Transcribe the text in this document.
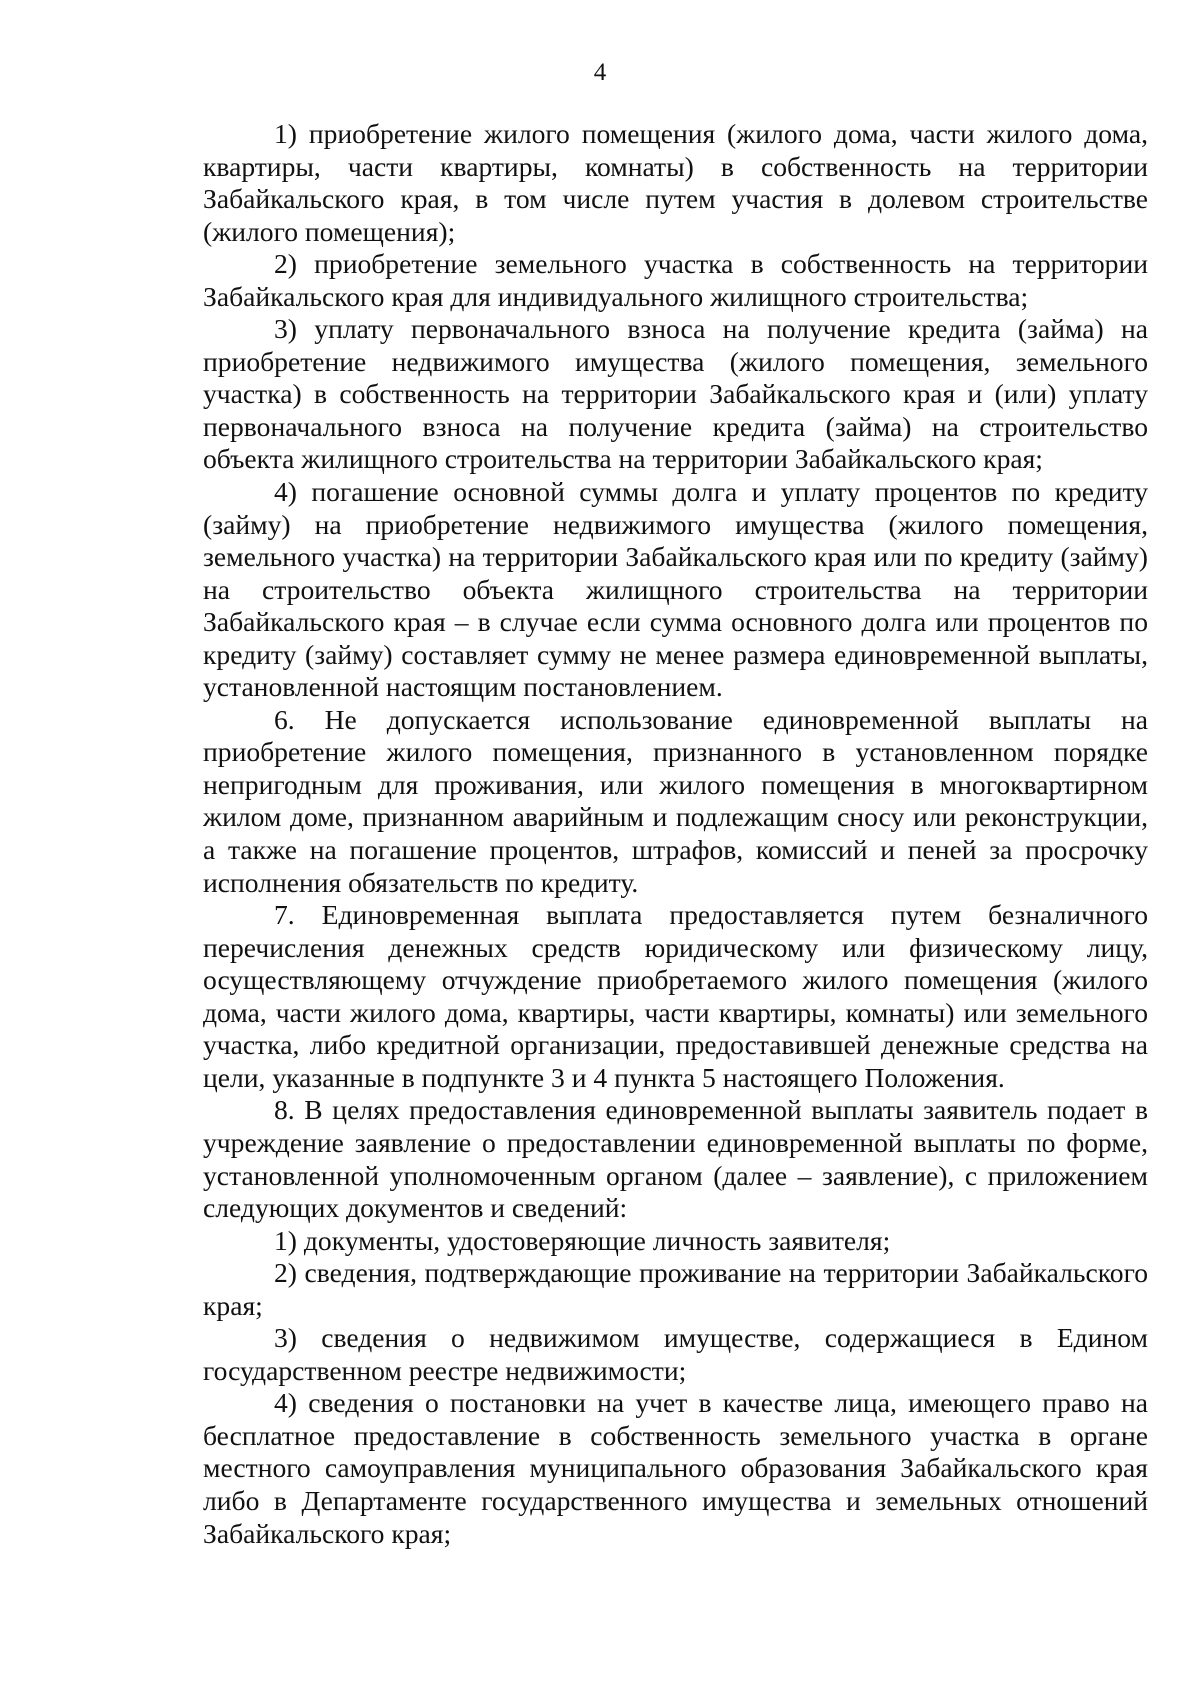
4

1) приобретение жилого помещения (жилого дома, части жилого дома, квартиры, части квартиры, комнаты) в собственность на территории Забайкальского края, в том числе путем участия в долевом строительстве (жилого помещения);

2) приобретение земельного участка в собственность на территории Забайкальского края для индивидуального жилищного строительства;

3) уплату первоначального взноса на получение кредита (займа) на приобретение недвижимого имущества (жилого помещения, земельного участка) в собственность на территории Забайкальского края и (или) уплату первоначального взноса на получение кредита (займа) на строительство объекта жилищного строительства на территории Забайкальского края;

4) погашение основной суммы долга и уплату процентов по кредиту (займу) на приобретение недвижимого имущества (жилого помещения, земельного участка) на территории Забайкальского края или по кредиту (займу) на строительство объекта жилищного строительства на территории Забайкальского края – в случае если сумма основного долга или процентов по кредиту (займу) составляет сумму не менее размера единовременной выплаты, установленной настоящим постановлением.

6. Не допускается использование единовременной выплаты на приобретение жилого помещения, признанного в установленном порядке непригодным для проживания, или жилого помещения в многоквартирном жилом доме, признанном аварийным и подлежащим сносу или реконструкции, а также на погашение процентов, штрафов, комиссий и пеней за просрочку исполнения обязательств по кредиту.

7. Единовременная выплата предоставляется путем безналичного перечисления денежных средств юридическому или физическому лицу, осуществляющему отчуждение приобретаемого жилого помещения (жилого дома, части жилого дома, квартиры, части квартиры, комнаты) или земельного участка, либо кредитной организации, предоставившей денежные средства на цели, указанные в подпункте 3 и 4 пункта 5 настоящего Положения.

8. В целях предоставления единовременной выплаты заявитель подает в учреждение заявление о предоставлении единовременной выплаты по форме, установленной уполномоченным органом (далее – заявление), с приложением следующих документов и сведений:

1) документы, удостоверяющие личность заявителя;

2) сведения, подтверждающие проживание на территории Забайкальского края;

3) сведения о недвижимом имуществе, содержащиеся в Едином государственном реестре недвижимости;

4) сведения о постановки на учет в качестве лица, имеющего право на бесплатное предоставление в собственность земельного участка в органе местного самоуправления муниципального образования Забайкальского края либо в Департаменте государственного имущества и земельных отношений Забайкальского края;
